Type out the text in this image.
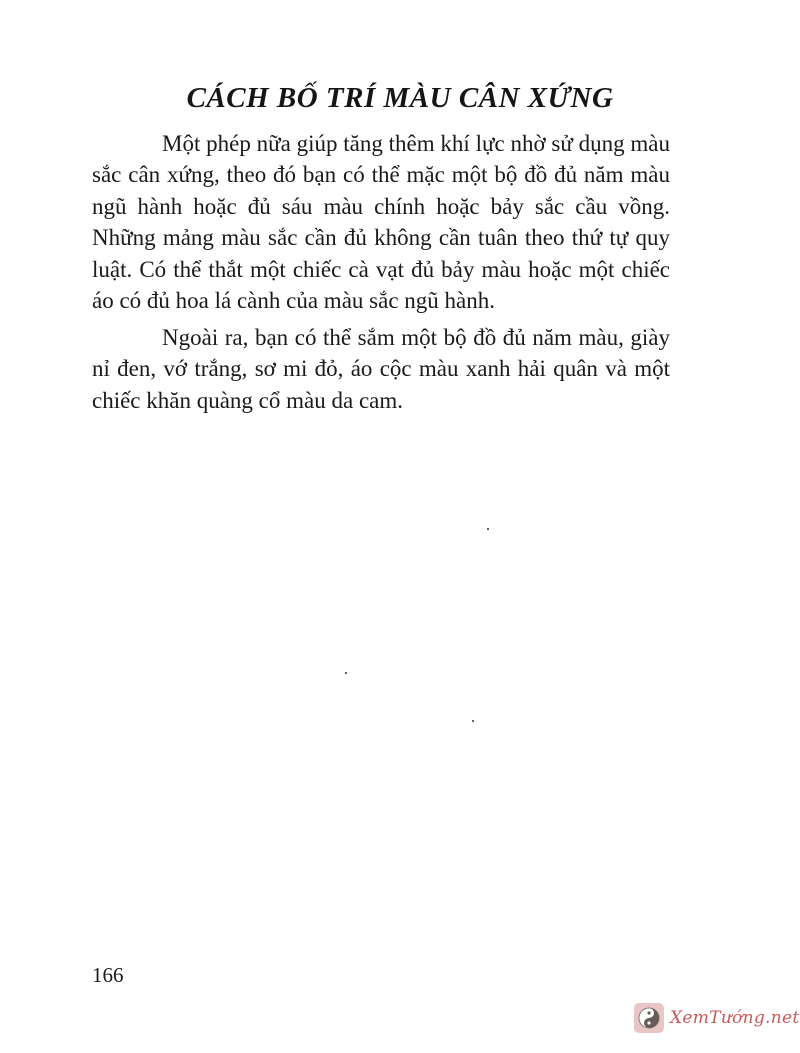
CÁCH BỐ TRÍ MÀU CÂN XỨNG

Một phép nữa giúp tăng thêm khí lực nhờ sử dụng màu sắc cân xứng, theo đó bạn có thể mặc một bộ đồ đủ năm màu ngũ hành hoặc đủ sáu màu chính hoặc bảy sắc cầu vồng. Những mảng màu sắc cần đủ không cần tuân theo thứ tự quy luật. Có thể thắt một chiếc cà vạt đủ bảy màu hoặc một chiếc áo có đủ hoa lá cành của màu sắc ngũ hành.

Ngoài ra, bạn có thể sắm một bộ đồ đủ năm màu, giày nỉ đen, vớ trắng, sơ mi đỏ, áo cộc màu xanh hải quân và một chiếc khăn quàng cổ màu da cam.

166

XemTướng.net
